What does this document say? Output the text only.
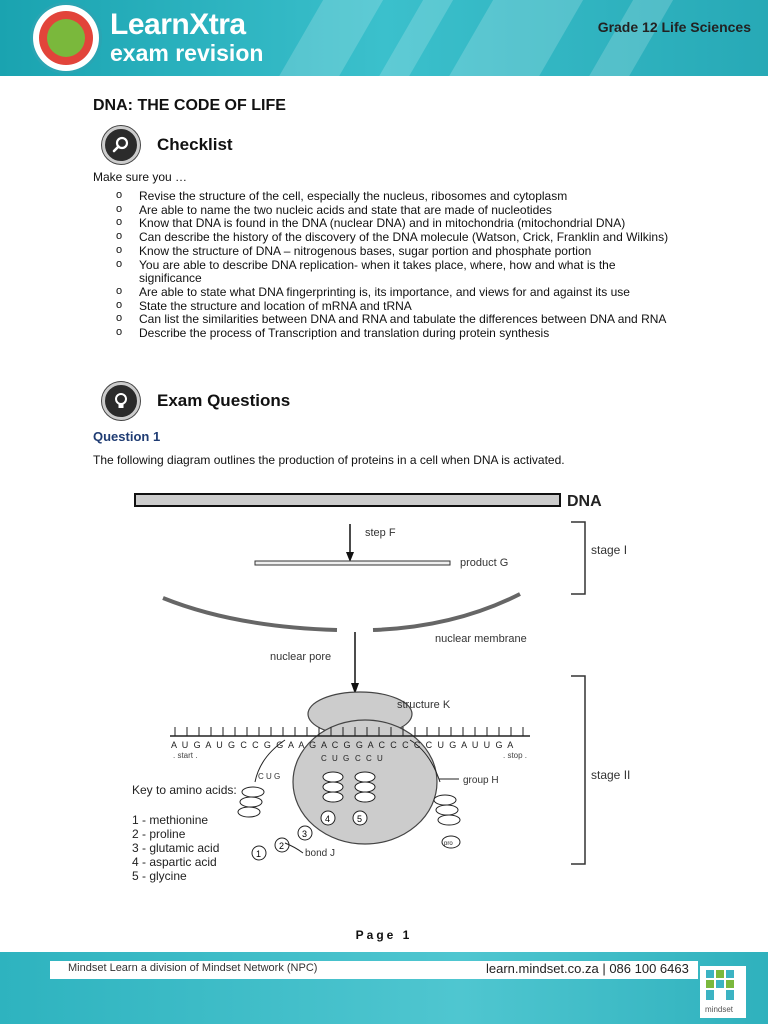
LearnXtra
exam revision
Grade 12 Life Sciences
DNA: THE CODE OF LIFE
Checklist
Make sure you …
o Revise the structure of the cell, especially the nucleus, ribosomes and cytoplasm
o Are able to name the two nucleic acids and state that are made of nucleotides
o Know that DNA is found in the DNA (nuclear DNA) and in mitochondria (mitochondrial DNA)
o Can describe the history of the discovery of the DNA molecule (Watson, Crick, Franklin and Wilkins)
o Know the structure of DNA – nitrogenous bases, sugar portion and phosphate portion
o You are able to describe DNA replication- when it takes place, where, how and what is the significance
o Are able to state what DNA fingerprinting is, its importance, and views for and against its use
o State the structure and location of mRNA and tRNA
o Can list the similarities between DNA and RNA and tabulate the differences between DNA and RNA
o Describe the process of Transcription and translation during protein synthesis
Exam Questions
Question 1
The following diagram outlines the production of proteins in a cell when DNA is activated.
DNA
step F
product G
stage I
nuclear membrane
nuclear pore
structure K
A U G A U G C C G G A A G A C G G A C C C C C U G A U U G A
. start .	. stop .
C U G C C U
4	5
C U G
pro
group H
1
2
3
bond J
stage II
Key to amino acids:
1 - methionine
2 - proline
3 - glutamic acid
4 - aspartic acid
5 - glycine
Page 1
Mindset Learn a division of Mindset Network (NPC)	learn.mindset.co.za | 086 100 6463
mindset
